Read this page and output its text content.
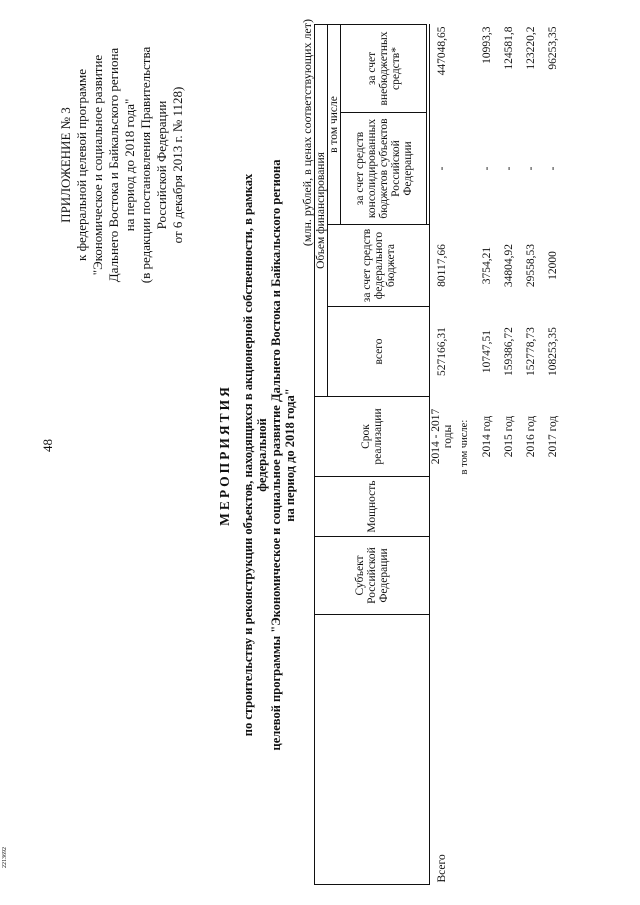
48
2213692
ПРИЛОЖЕНИЕ № 3 к федеральной целевой программе "Экономическое и социальное развитие Дальнего Востока и Байкальского региона на период до 2018 года" (в редакции постановления Правительства Российской Федерации от 6 декабря 2013 г. № 1128)
МЕРОПРИЯТИЯ по строительству и реконструкции объектов, находящихся в акционерной собственности, в рамках федеральной целевой программы "Экономическое и социальное развитие Дальнего Востока и Байкальского региона на период до 2018 года"
(млн. рублей, в ценах соответствующих лет)
	Субъект Российской Федерации	Мощность	Срок реализации	Объем финансирования			
				всего	за счет средств федерального бюджета	в том числе	
						за счет средств консолидированных бюджетов субъектов Российской Федерации	за счет внебюджетных средств*

Всего			2014 - 2017 годы	527166,31	80117,66	-	447048,65
			в том числе:				
			2014 год	10747,51	3754,21	-	10993,3
			2015 год	159386,72	34804,92	-	124581,8
			2016 год	152778,73	29558,53	-	123220,2
			2017 год	108253,35	12000	-	96253,35
